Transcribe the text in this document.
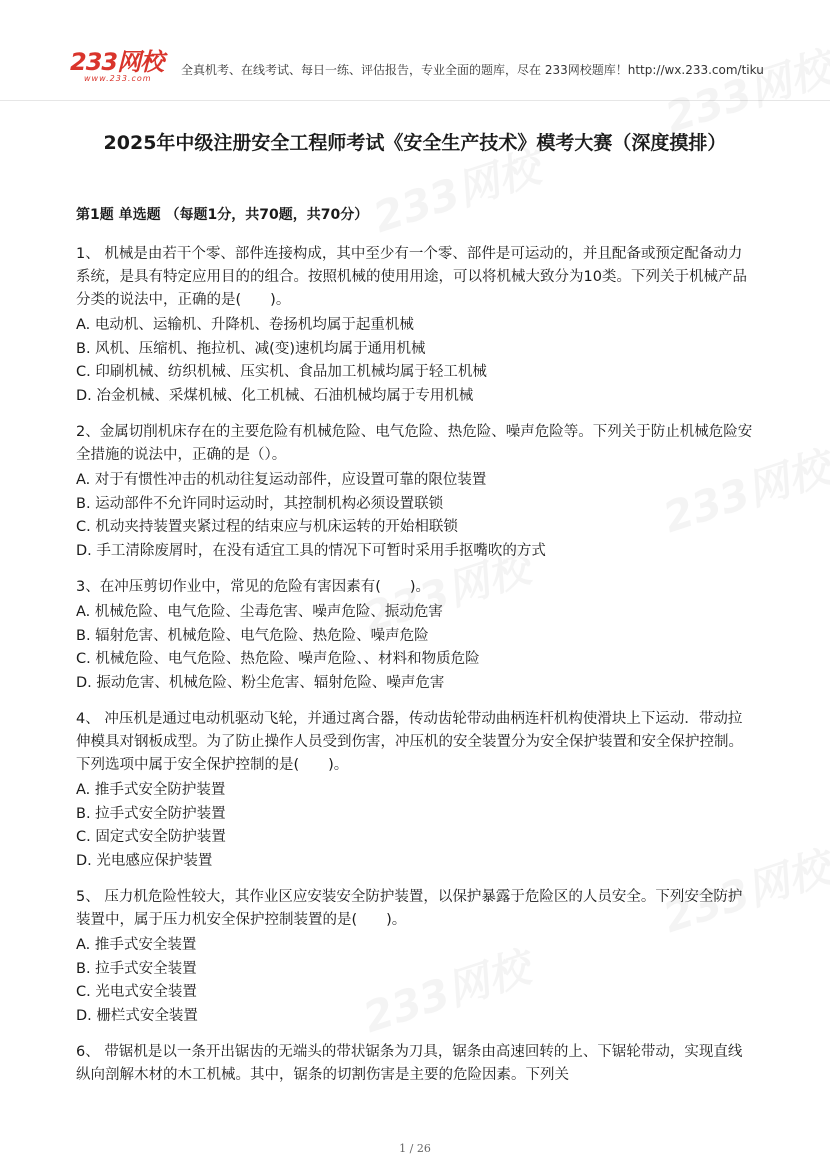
233网校
www.233.com
全真机考、在线考试、每日一练、评估报告，专业全面的题库，尽在 233网校题库！http://wx.233.com/tiku
2025年中级注册安全工程师考试《安全生产技术》模考大赛（深度摸排）
第1题 单选题 （每题1分，共70题，共70分）

1、 机械是由若干个零、部件连接构成，其中至少有一个零、部件是可运动的，并且配备或预定配备动力系统，是具有特定应用目的的组合。按照机械的使用用途，可以将机械大致分为10类。下列关于机械产品分类的说法中，正确的是(　　)。

A. 电动机、运输机、升降机、卷扬机均属于起重机械
B. 风机、压缩机、拖拉机、减(变)速机均属于通用机械
C. 印刷机械、纺织机械、压实机、食品加工机械均属于轻工机械
D. 冶金机械、采煤机械、化工机械、石油机械均属于专用机械

2、金属切削机床存在的主要危险有机械危险、电气危险、热危险、噪声危险等。下列关于防止机械危险安全措施的说法中，正确的是（）。

A. 对于有惯性冲击的机动往复运动部件，应设置可靠的限位装置
B. 运动部件不允许同时运动时，其控制机构必须设置联锁
C. 机动夹持装置夹紧过程的结束应与机床运转的开始相联锁
D. 手工清除废屑时，在没有适宜工具的情况下可暂时采用手抠嘴吹的方式

3、在冲压剪切作业中，常见的危险有害因素有(　　)。

A. 机械危险、电气危险、尘毒危害、噪声危险、振动危害
B. 辐射危害、机械危险、电气危险、热危险、噪声危险
C. 机械危险、电气危险、热危险、噪声危险、、材料和物质危险
D. 振动危害、机械危险、粉尘危害、辐射危险、噪声危害

4、 冲压机是通过电动机驱动飞轮，并通过离合器，传动齿轮带动曲柄连杆机构使滑块上下运动．带动拉伸模具对钢板成型。为了防止操作人员受到伤害，冲压机的安全装置分为安全保护装置和安全保护控制。下列选项中属于安全保护控制的是(　　)。

A. 推手式安全防护装置
B. 拉手式安全防护装置
C. 固定式安全防护装置
D. 光电感应保护装置

5、 压力机危险性较大，其作业区应安装安全防护装置，以保护暴露于危险区的人员安全。下列安全防护装置中，属于压力机安全保护控制装置的是(　　)。

A. 推手式安全装置
B. 拉手式安全装置
C. 光电式安全装置
D. 栅栏式安全装置

6、 带锯机是以一条开出锯齿的无端头的带状锯条为刀具，锯条由高速回转的上、下锯轮带动，实现直线纵向剖解木材的木工机械。其中，锯条的切割伤害是主要的危险因素。下列关

1 / 26
